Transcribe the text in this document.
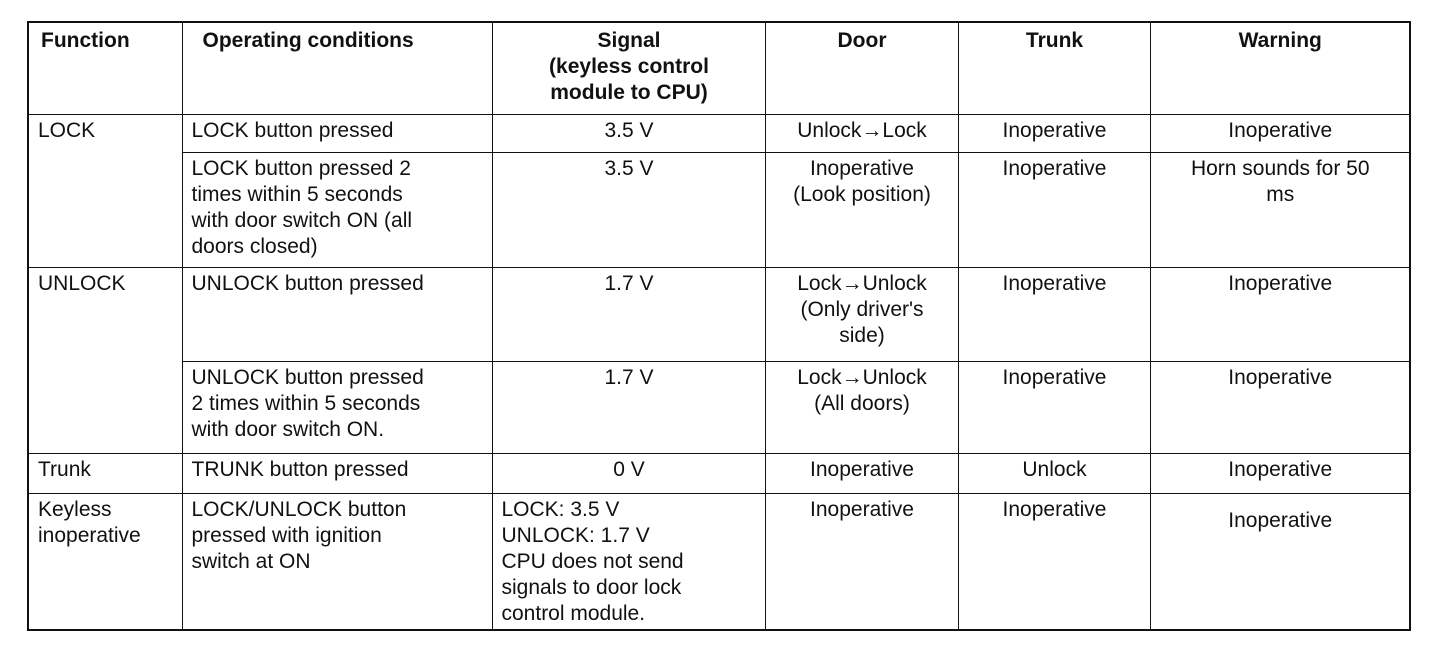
Function	Operating conditions	Signal
(keyless control
module to CPU)	Door	Trunk	Warning
LOCK	LOCK button pressed	3.5 V	Unlock→Lock	Inoperative	Inoperative
	LOCK button pressed 2
times within 5 seconds
with door switch ON (all
doors closed)	3.5 V	Inoperative
(Look position)	Inoperative	Horn sounds for 50
ms
UNLOCK	UNLOCK button pressed	1.7 V	Lock→Unlock
(Only driver's
side)	Inoperative	Inoperative
	UNLOCK button pressed
2 times within 5 seconds
with door switch ON.	1.7 V	Lock→Unlock
(All doors)	Inoperative	Inoperative
Trunk	TRUNK button pressed	0 V	Inoperative	Unlock	Inoperative
Keyless
inoperative	LOCK/UNLOCK button
pressed with ignition
switch at ON	LOCK: 3.5 V
UNLOCK: 1.7 V
CPU does not send
signals to door lock
control module.	Inoperative	Inoperative	Inoperative
